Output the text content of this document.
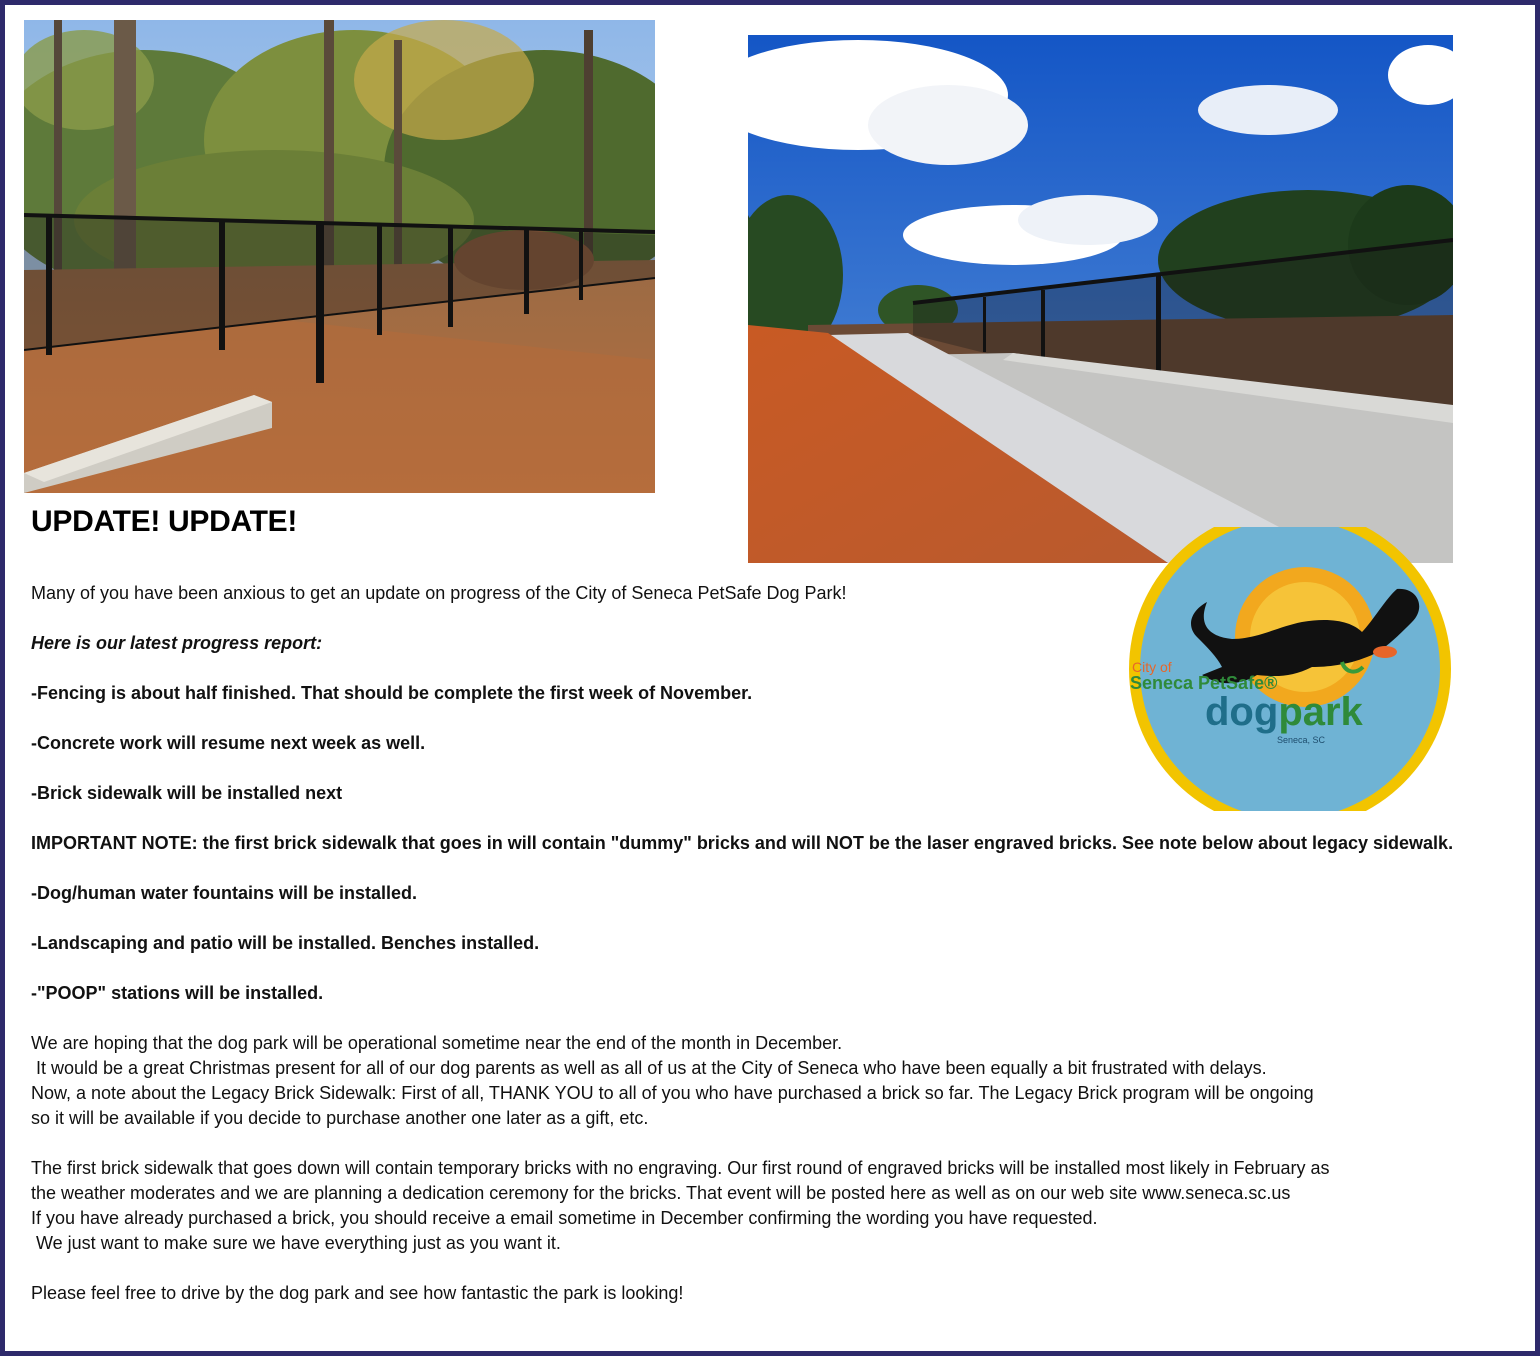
City of
Seneca PetSafe®
dogpark
Seneca, SC
UPDATE! UPDATE!

Many of you have been anxious to get an update on progress of the City of Seneca PetSafe Dog Park!

Here is our latest progress report:

-Fencing is about half finished. That should be complete the first week of November.

-Concrete work will resume next week as well.

-Brick sidewalk will be installed next

IMPORTANT NOTE: the first brick sidewalk that goes in will contain "dummy" bricks and will NOT be the laser engraved bricks. See note below about legacy sidewalk.

-Dog/human water fountains will be installed.

-Landscaping and patio will be installed. Benches installed.

-"POOP" stations will be installed.

We are hoping that the dog park will be operational sometime near the end of the month in December.

It would be a great Christmas present for all of our dog parents as well as all of us at the City of Seneca who have been equally a bit frustrated with delays.

Now, a note about the Legacy Brick Sidewalk: First of all, THANK YOU to all of you who have purchased a brick so far. The Legacy Brick program will be ongoing

so it will be available if you decide to purchase another one later as a gift, etc.

The first brick sidewalk that goes down will contain temporary bricks with no engraving. Our first round of engraved bricks will be installed most likely in February as

the weather moderates and we are planning a dedication ceremony for the bricks. That event will be posted here as well as on our web site www.seneca.sc.us

If you have already purchased a brick, you should receive a email sometime in December confirming the wording you have requested.

We just want to make sure we have everything just as you want it.

Please feel free to drive by the dog park and see how fantastic the park is looking!
